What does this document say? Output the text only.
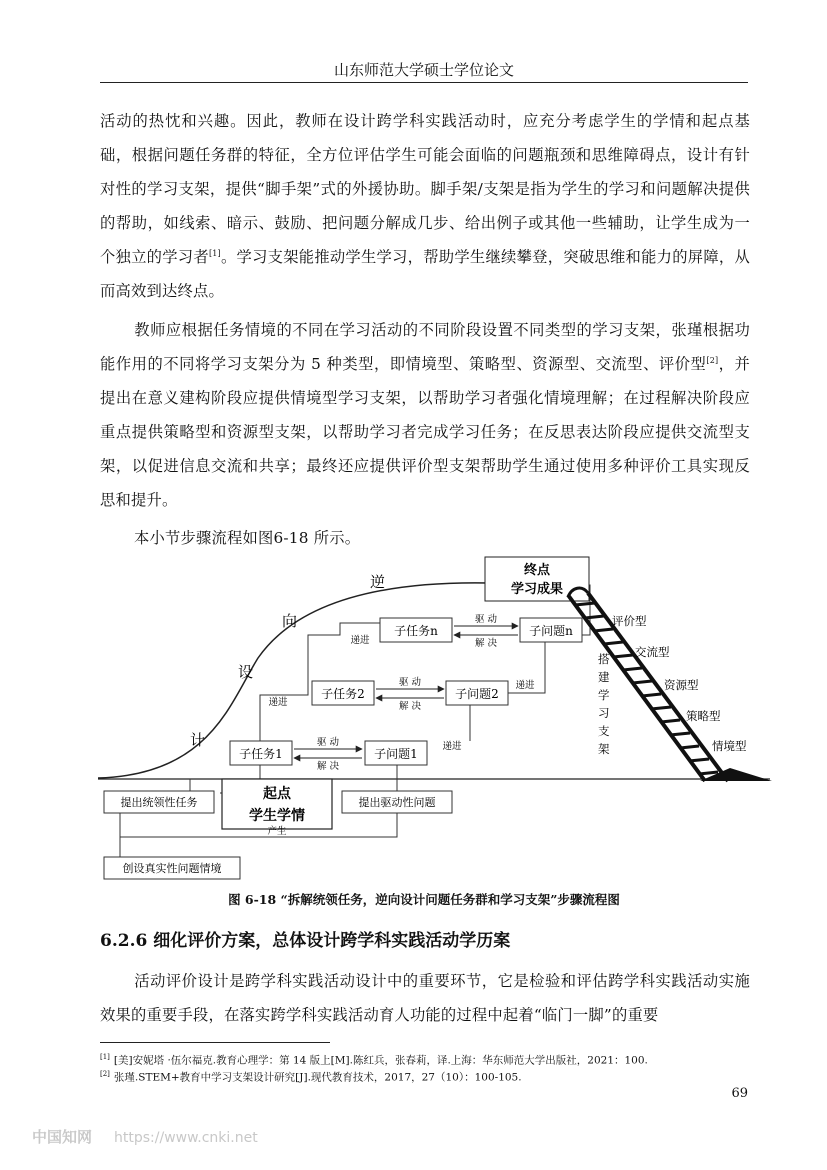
山东师范大学硕士学位论文

活动的热忱和兴趣。因此，教师在设计跨学科实践活动时，应充分考虑学生的学情和起点基础，根据问题任务群的特征，全方位评估学生可能会面临的问题瓶颈和思维障碍点，设计有针对性的学习支架，提供“脚手架”式的外援协助。脚手架/支架是指为学生的学习和问题解决提供的帮助，如线索、暗示、鼓励、把问题分解成几步、给出例子或其他一些辅助，让学生成为一个独立的学习者[1]。学习支架能推动学生学习，帮助学生继续攀登，突破思维和能力的屏障，从而高效到达终点。

教师应根据任务情境的不同在学习活动的不同阶段设置不同类型的学习支架，张瑾根据功能作用的不同将学习支架分为 5 种类型，即情境型、策略型、资源型、交流型、评价型[2]，并提出在意义建构阶段应提供情境型学习支架，以帮助学习者强化情境理解；在过程解决阶段应重点提供策略型和资源型支架，以帮助学习者完成学习任务；在反思表达阶段应提供交流型支架，以促进信息交流和共享；最终还应提供评价型支架帮助学生通过使用多种评价工具实现反思和提升。

本小节步骤流程如图6-18 所示。

逆
向
设
计
终点
学习成果
子任务1
子任务2
子任务n
子问题1
子问题2
子问题n
驱 动
解 决
驱 动
解 决
驱 动
解 决
递进
递进
递进
递进
起点
学生学情
提出统领性任务	提出驱动性问题
产生
创设真实性问题情境
搭
建
学
习
支
架
评价型
交流型
资源型
策略型
情境型
图 6-18 “拆解统领任务，逆向设计问题任务群和学习支架”步骤流程图
6.2.6 细化评价方案，总体设计跨学科实践活动学历案

活动评价设计是跨学科实践活动设计中的重要环节，它是检验和评估跨学科实践活动实施效果的重要手段，在落实跨学科实践活动育人功能的过程中起着“临门一脚”的重要

[1] [美]安妮塔 ·伍尔福克.教育心理学：第 14 版上[M].陈红兵，张春莉，译.上海：华东师范大学出版社，2021：100.
[2] 张瑾.STEM+教育中学习支架设计研究[J].现代教育技术，2017，27（10）：100-105.
69
中国知网 https://www.cnki.net
